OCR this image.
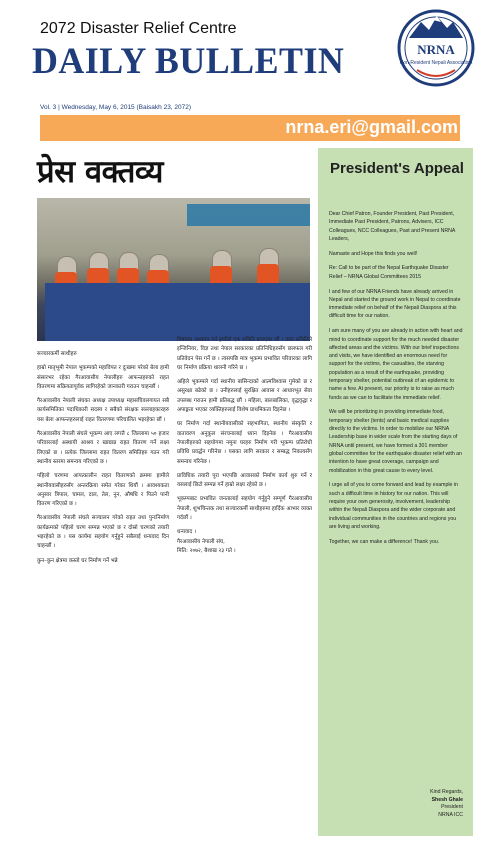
2072 Disaster Relief Centre
DAILY BULLETIN	NRNA
Non-Resident Nepali Association
Vol. 3 | Wednesday, May 6, 2015 (Baisakh 23, 2072)
nrna.eri@gmail.com
प्रेस वक्तव्य

सञ्चारकर्मी साथीहरु

हाम्रो मातृभूमी नेपाल भूकम्पको महाविपत र दुःखमा परेको बेला हामी संसारभर रहेका गैरआवासीय नेपालीहरु आफन्तहरुको राहत वितरणमा सक्रियतापूर्वक लागिरहेको जानकारी गराउन चाहन्छौं ।

गैरआवासीय नेपाली संघका अध्यक्ष उपाध्यक्ष महासचिवलगायत सबै कार्यसमितिका पदाधिकारी सदस्य र सबैको संरक्षक सल्लाहकारहरु यस बेला आफन्तहरुलाई राहत वितरणमा परिचालित भइरहेका छौं ।

गैरआवासीय नेपाली संघले भूकम्प आए लगत्तै ८ जिल्लामा ५० हजार परिवारलाई अस्थायी आश्रय र खाद्यान्न राहत वितरण गर्ने लक्ष्य लिएको छ । प्रत्येक जिल्लामा राहत वितरण समितिहरु गठन गरी स्थानीय स्तरमा समन्वय गरिएको छ ।

पहिलो चरणमा आपत्कालीन राहत वितरणको क्रममा हामीले स्थानीयवासीहरुसँग अन्तरक्रिया समेत गरेका थियौं । आवश्यकता अनुसार त्रिपाल, चामल, दाल, तेल, नुन, औषधि र पिउने पानी वितरण गरिएको छ ।

गैरआवासीय नेपाली संघले सञ्चालन गरेको राहत तथा पुनःनिर्माण कार्यक्रमको पहिलो चरण सम्पन्न भएको छ र दोस्रो चरणको तयारी भइरहेको छ । यस कार्यमा सहयोग गर्नुहुने सबैलाई धन्यवाद दिन चाहन्छौं ।

कुन–कुन क्षेत्रमा कस्तो घर निर्माण गर्ने भन्ने

विषयमा अध्ययन गर्न हामीले एक समिति बनाएका छौं । उक्त समितिले इन्जिनियर, विज्ञ तथा नेपाल सरकारका प्रतिनिधिहरुसँग छलफल गरी प्रतिवेदन पेस गर्ने छ । त्यसपछि मात्र भूकम्प प्रभावित परिवारका लागि घर निर्माण प्रक्रिया थालनी गरिने छ ।

अहिले भूकम्पले गर्दा स्थानीय बासिन्दाको आत्मविश्वास गुमेको छ र असुरक्षा बढेको छ । उनीहरुलाई सुरक्षित आवास र आधारभूत सेवा उपलब्ध गराउन हामी प्रतिबद्ध छौं । महिला, बालबालिका, वृद्धवृद्धा र अपाङ्गता भएका व्यक्तिहरुलाई विशेष प्राथमिकता दिइनेछ ।

घर निर्माण गर्दा स्थानीयवासीको सहभागिता, स्थानीय संस्कृति र वातावरण अनुकूल संरचनालाई ध्यान दिइनेछ । गैरआवासीय नेपालीहरुको सहयोगमा नमुना घरहरु निर्माण गरी भूकम्प प्रतिरोधी प्रविधि प्रवर्द्धन गरिनेछ । यसका लागि सरकार र सम्बद्ध निकायसँग समन्वय गरिनेछ ।

प्राविधिक तयारी पूरा भएपछि आवासको निर्माण कार्य शुरु गर्ने र यसलाई छिटो सम्पन्न गर्ने हाम्रो लक्ष्य रहेको छ ।

भूकम्पबाट प्रभावित जनतालाई सहयोग गर्नुहुने सम्पूर्ण गैरआवासीय नेपाली, शुभचिन्तक तथा सञ्चारकर्मी साथीहरुमा हार्दिक आभार व्यक्त गर्दछौं ।

धन्यवाद ।

गैरआवासीय नेपाली संघ,

मिति: २०७२, बैशाख २३ गते ।

President's Appeal

Dear Chief Patron, Founder President, Past President, Immediate Past President, Patrons, Advisers, ICC Colleagues, NCC Colleagues, Past and Present NRNA Leaders,

Namaste and Hope this finds you well!

Re: Call to be part of the Nepal Earthquake Disaster Relief – NRNA Global Committees 2015

I and few of our NRNA Friends have already arrived in Nepal and started the ground work in Nepal to coordinate immediate relief on behalf of the Nepali Diaspora at this difficult time for our nation.

I am sure many of you are already in action with heart and mind to coordinate support for the much needed disaster affected areas and the victims. With our brief inspections and visits, we have identified an enormous need for support for the victims, the casualties, the starving population as a result of the earthquake, providing temporary shelter, potential outbreak of an epidemic to name a few. At present, our priority is to raise as much funds as we can to facilitate the immediate relief.

We will be prioritizing in providing immediate food, temporary shelter (tents) and basic medical supplies directly to the victims. In order to mobilize our NRNA Leadership base in wider scale from the starting days of NRNA until present, we have formed a 301 member global committee for the earthquake disaster relief with an intention to have great coverage, campaign and mobilization in this great cause to every level.

I urge all of you to come forward and lead by example in such a difficult time in history for our nation. This will require your own generosity, involvement, leadership within the Nepali Diaspora and the wider corporate and individual communities in the countries and regions you are living and working.

Together, we can make a difference! Thank you.

Kind Regards,
Shesh Ghale
President
NRNA ICC
